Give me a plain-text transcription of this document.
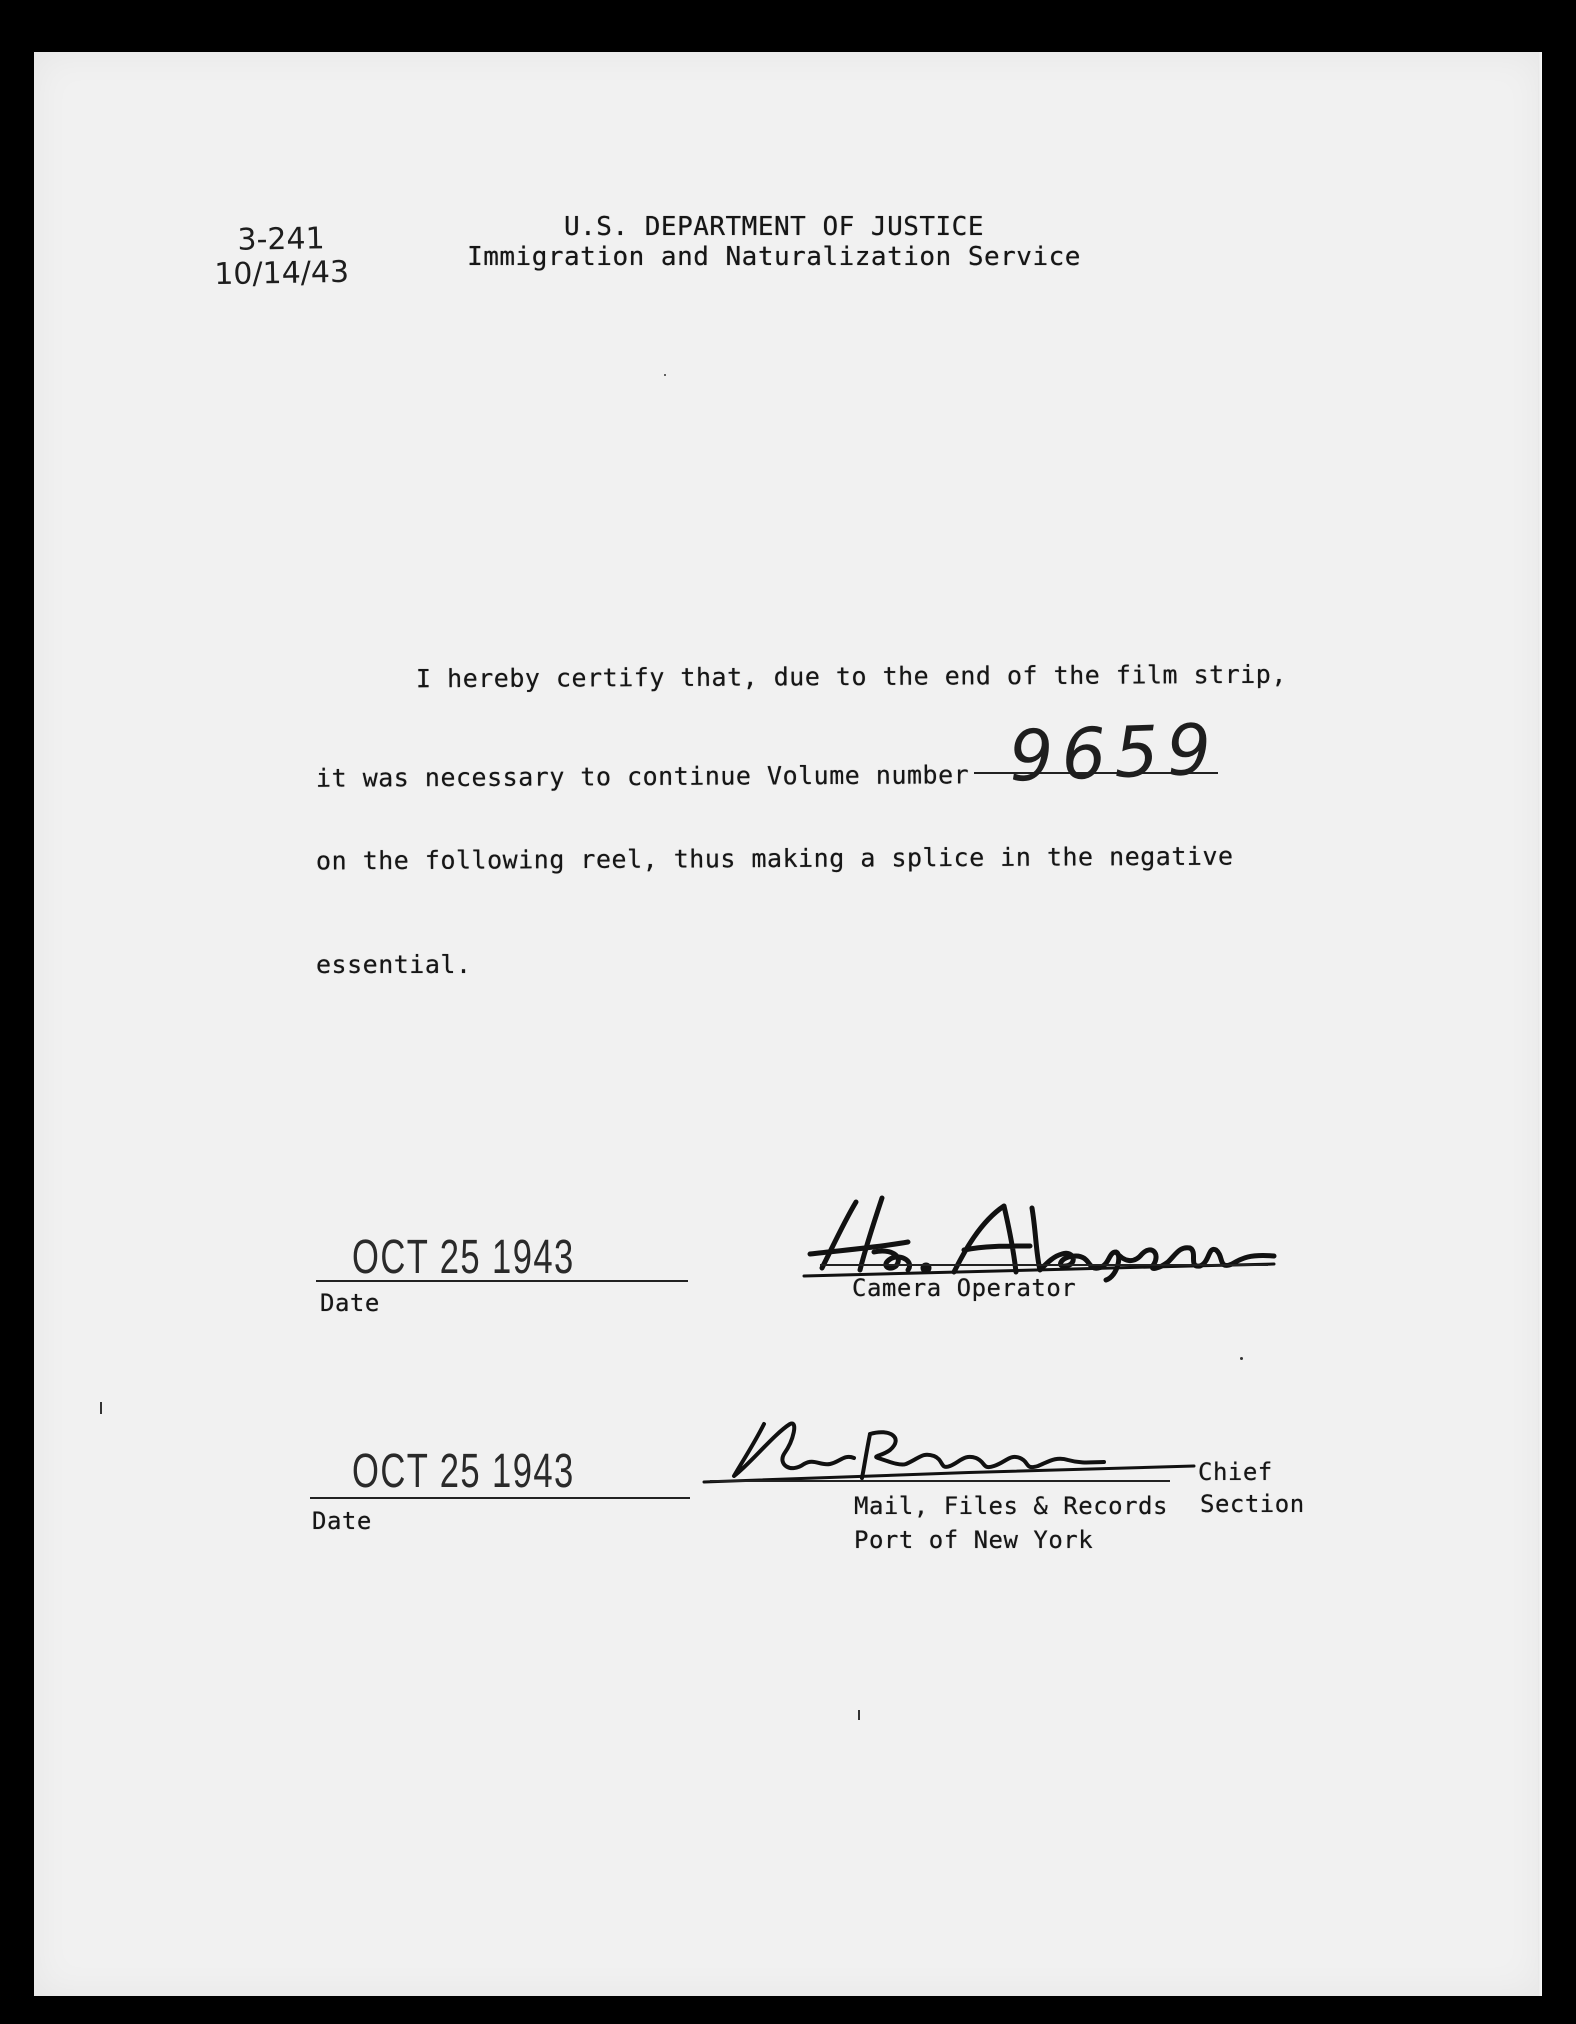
3-241
10/14/43
U.S. DEPARTMENT OF JUSTICE
Immigration and Naturalization Service
I hereby certify that, due to the end of the film strip,
it was necessary to continue Volume number 9659
on the following reel, thus making a splice in the negative
essential.
OCT 25 1943
Date
Camera Operator
OCT 25 1943
Date
Chief
Mail, Files & Records Section
Port of New York
